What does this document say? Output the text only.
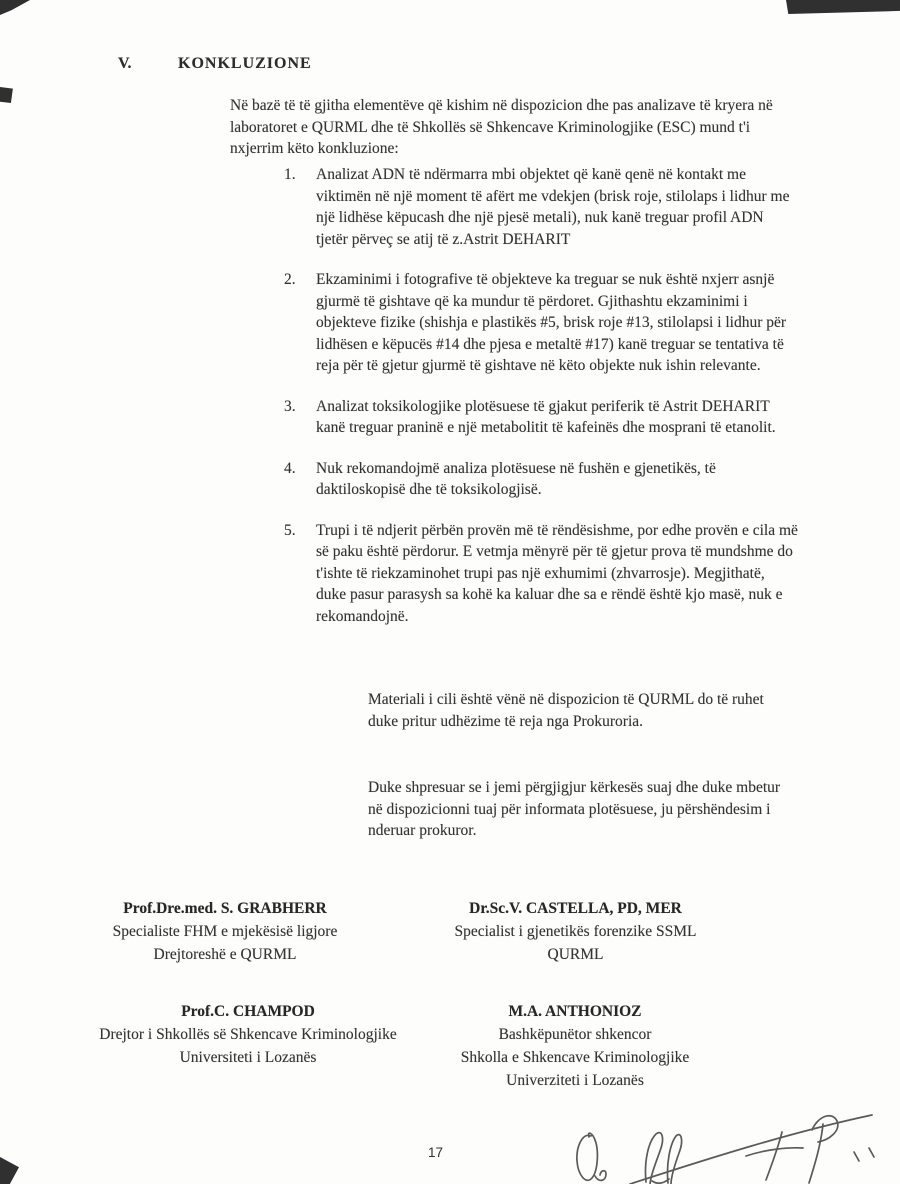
V.	KONKLUZIONE
Në bazë të të gjitha elementëve që kishim në dispozicion dhe pas analizave të kryera në laboratoret e QURML dhe të Shkollës së Shkencave Kriminologjike (ESC) mund t'i nxjerrim këto konkluzione:
1.	Analizat ADN të ndërmarra mbi objektet që kanë qenë në kontakt me viktimën në një moment të afërt me vdekjen (brisk roje, stilolaps i lidhur me një lidhëse këpucash dhe një pjesë metali), nuk kanë treguar profil ADN tjetër përveç se atij të z.Astrit DEHARIT
2.	Ekzaminimi i fotografive të objekteve ka treguar se nuk është nxjerr asnjë gjurmë të gishtave që ka mundur të përdoret. Gjithashtu ekzaminimi i objekteve fizike (shishja e plastikës #5, brisk roje #13, stilolapsi i lidhur për lidhësen e këpucës #14 dhe pjesa e metaltë #17) kanë treguar se tentativa të reja për të gjetur gjurmë të gishtave në këto objekte nuk ishin relevante.
3.	Analizat toksikologjike plotësuese të gjakut periferik të Astrit DEHARIT kanë treguar praninë e një metabolitit të kafeinës dhe mosprani të etanolit.
4.	Nuk rekomandojmë analiza plotësuese në fushën e gjenetikës, të daktiloskopisë dhe të toksikologjisë.
5.	Trupi i të ndjerit përbën provën më të rëndësishme, por edhe provën e cila më së paku është përdorur. E vetmja mënyrë për të gjetur prova të mundshme do t'ishte të riekzaminohet trupi pas një exhumimi (zhvarrosje). Megjithatë, duke pasur parasysh sa kohë ka kaluar dhe sa e rëndë është kjo masë, nuk e rekomandojnë.
Materiali i cili është vënë në dispozicion të QURML do të ruhet duke pritur udhëzime të reja nga Prokuroria.
Duke shpresuar se i jemi përgjigjur kërkesës suaj dhe duke mbetur në dispozicionni tuaj për informata plotësuese, ju përshëndesim i nderuar prokuror.
Prof.Dre.med. S. GRABHERR
Specialiste FHM e mjekësisë ligjore
Drejtoreshë e QURML
Dr.Sc.V. CASTELLA, PD, MER
Specialist i gjenetikës forenzike SSML
QURML
Prof.C. CHAMPOD
Drejtor i Shkollës së Shkencave Kriminologjike
Universiteti i Lozanës
M.A. ANTHONIOZ
Bashkëpunëtor shkencor
Shkolla e Shkencave Kriminologjike
Univerziteti i Lozanës
17
